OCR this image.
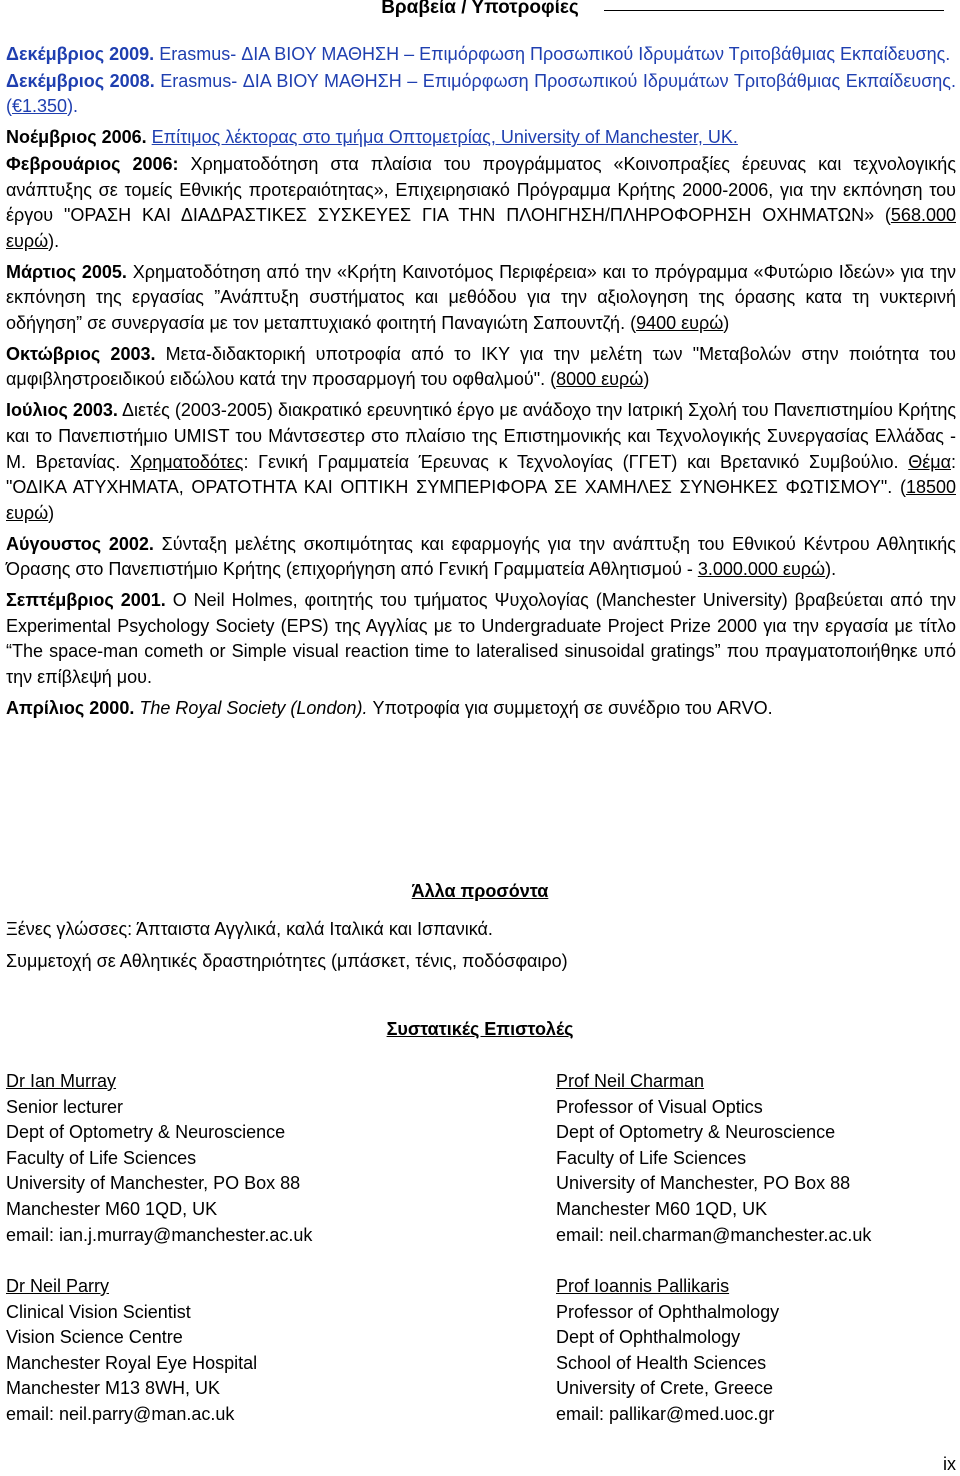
Βραβεία / Υποτροφίες
Δεκέμβριος 2009. Erasmus- ΔΙΑ ΒΙΟΥ ΜΑΘΗΣΗ – Επιμόρφωση Προσωπικού Ιδρυμάτων Τριτοβάθμιας Εκπαίδευσης.
Δεκέμβριος 2008. Erasmus- ΔΙΑ ΒΙΟΥ ΜΑΘΗΣΗ – Επιμόρφωση Προσωπικού Ιδρυμάτων Τριτοβάθμιας Εκπαίδευσης. (€1.350).
Νοέμβριος 2006. Επίτιμος λέκτορας στο τμήμα Οπτομετρίας, University of Manchester, UK.
Φεβρουάριος 2006: Χρηματοδότηση στα πλαίσια του προγράμματος «Κοινοπραξίες έρευνας και τεχνολογικής ανάπτυξης σε τομείς Εθνικής προτεραιότητας», Επιχειρησιακό Πρόγραμμα Κρήτης 2000-2006, για την εκπόνηση του έργου "ΟΡΑΣΗ ΚΑΙ ΔΙΑΔΡΑΣΤΙΚΕΣ ΣΥΣΚΕΥΕΣ ΓΙΑ ΤΗΝ ΠΛΟΗΓΗΣΗ/ΠΛΗΡΟΦΟΡΗΣΗ ΟΧΗΜΑΤΩΝ» (568.000 ευρώ).
Μάρτιος 2005. Χρηματοδότηση από την «Κρήτη Καινοτόμος Περιφέρεια» και το πρόγραμμα «Φυτώριο Ιδεών» για την εκπόνηση της εργασίας ”Ανάπτυξη συστήματος και μεθόδου για την αξιολογηση της όρασης κατα τη νυκτερινή οδήγηση” σε συνεργασία με τον μεταπτυχιακό φοιτητή Παναγιώτη Σαπουντζή. (9400 ευρώ)
Οκτώβριος 2003. Μετα-διδακτορική υποτροφία από το ΙΚΥ για την μελέτη των "Μεταβολών στην ποιότητα του αμφιβληστροειδικού ειδώλου κατά την προσαρμογή του οφθαλμού". (8000 ευρώ)
Ιούλιος 2003. Διετές (2003-2005) διακρατικό ερευνητικό έργο με ανάδοχο την Ιατρική Σχολή του Πανεπιστημίου Κρήτης και το Πανεπιστήμιο UMIST του Μάντσεστερ στο πλαίσιο της Επιστημονικής και Τεχνολογικής Συνεργασίας Ελλάδας - Μ. Βρετανίας. Χρηματοδότες: Γενική Γραμματεία Έρευνας κ Τεχνολογίας (ΓΓΕΤ) και Βρετανικό Συμβούλιο. Θέμα: "ΟΔΙΚΑ ΑΤΥΧΗΜΑΤΑ, ΟΡΑΤΟΤΗΤΑ ΚΑΙ ΟΠΤΙΚΗ ΣΥΜΠΕΡΙΦΟΡΑ ΣΕ ΧΑΜΗΛΕΣ ΣΥΝΘΗΚΕΣ ΦΩΤΙΣΜΟΥ". (18500 ευρώ)
Αύγουστος 2002. Σύνταξη μελέτης σκοπιμότητας και εφαρμογής για την ανάπτυξη του Εθνικού Κέντρου Αθλητικής Όρασης στο Πανεπιστήμιο Κρήτης (επιχορήγηση από Γενική Γραμματεία Αθλητισμού - 3.000.000 ευρώ).
Σεπτέμβριος 2001. Ο Neil Holmes, φοιτητής του τμήματος Ψυχολογίας (Manchester University) βραβεύεται από την Experimental Psychology Society (EPS) της Αγγλίας με το Undergraduate Project Prize 2000 για την εργασία με τίτλο “The space-man cometh or Simple visual reaction time to lateralised sinusoidal gratings” που πραγματοποιήθηκε υπό την επίβλεψή μου.
Απρίλιος 2000. The Royal Society (London). Υποτροφία για συμμετοχή σε συνέδριο του ARVO.
Άλλα προσόντα
Ξένες γλώσσες: Άπταιστα Αγγλικά, καλά Ιταλικά και Ισπανικά.
Συμμετοχή σε Αθλητικές δραστηριότητες (μπάσκετ, τένις, ποδόσφαιρο)
Συστατικές Επιστολές
Dr Ian Murray
Senior lecturer
Dept of Optometry & Neuroscience
Faculty of Life Sciences
University of Manchester, PO Box 88
Manchester M60 1QD, UK
email: ian.j.murray@manchester.ac.uk
Prof Neil Charman
Professor of Visual Optics
Dept of Optometry & Neuroscience
Faculty of Life Sciences
University of Manchester, PO Box 88
Manchester M60 1QD, UK
email: neil.charman@manchester.ac.uk
Dr Neil Parry
Clinical Vision Scientist
Vision Science Centre
Manchester Royal Eye Hospital
Manchester M13 8WH, UK
email: neil.parry@man.ac.uk
Prof Ioannis Pallikaris
Professor of Ophthalmology
Dept of Ophthalmology
School of Health Sciences
University of Crete, Greece
email: pallikar@med.uoc.gr
ix
